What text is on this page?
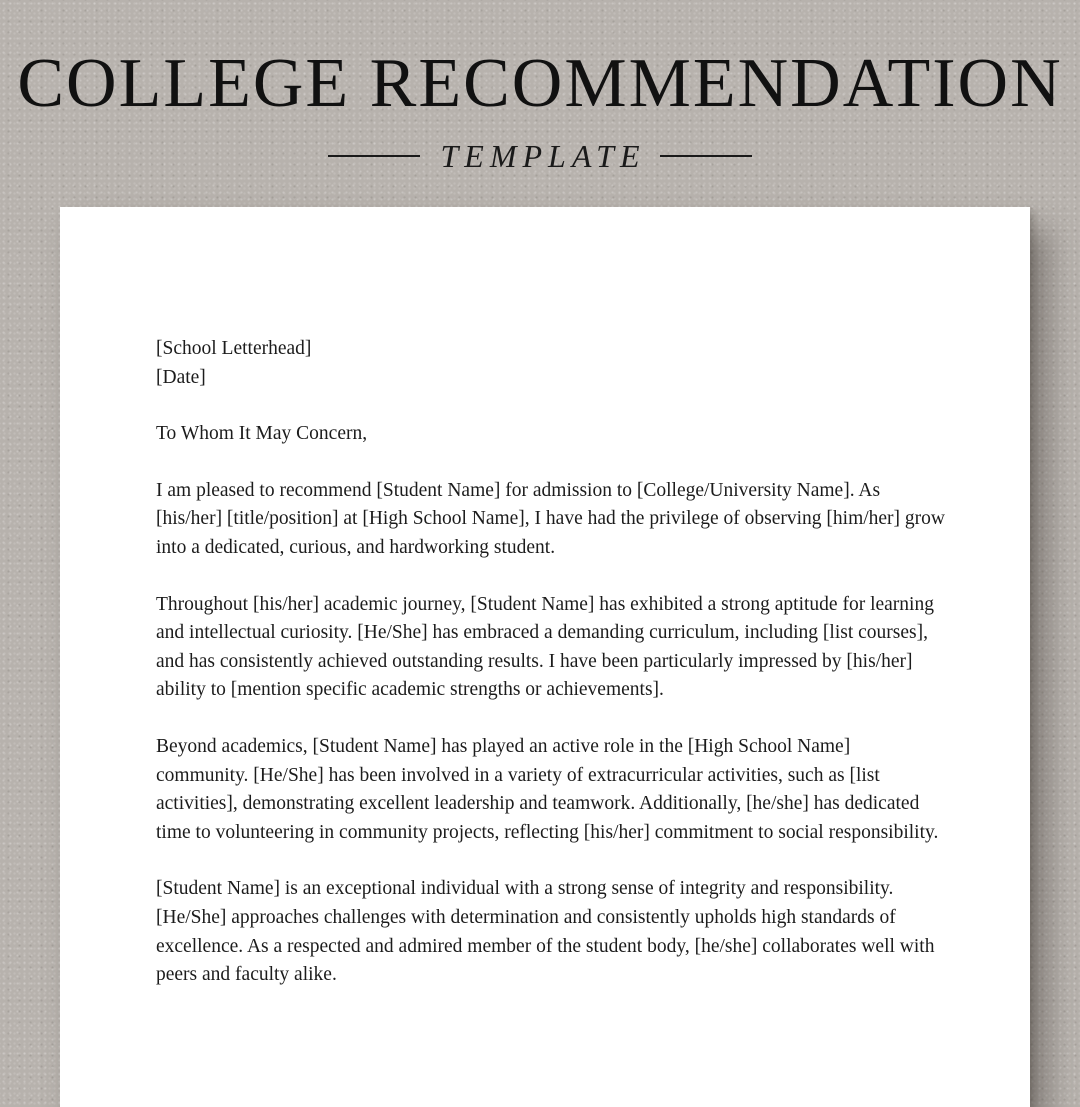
COLLEGE RECOMMENDATION
TEMPLATE

[School Letterhead]

[Date]

To Whom It May Concern,

I am pleased to recommend [Student Name] for admission to [College/University Name]. As [his/her] [title/position] at [High School Name], I have had the privilege of observing [him/her] grow into a dedicated, curious, and hardworking student.

Throughout [his/her] academic journey, [Student Name] has exhibited a strong aptitude for learning and intellectual curiosity. [He/She] has embraced a demanding curriculum, including [list courses], and has consistently achieved outstanding results. I have been particularly impressed by [his/her] ability to [mention specific academic strengths or achievements].

Beyond academics, [Student Name] has played an active role in the [High School Name] community. [He/She] has been involved in a variety of extracurricular activities, such as [list activities], demonstrating excellent leadership and teamwork. Additionally, [he/she] has dedicated time to volunteering in community projects, reflecting [his/her] commitment to social responsibility.

[Student Name] is an exceptional individual with a strong sense of integrity and responsibility. [He/She] approaches challenges with determination and consistently upholds high standards of excellence. As a respected and admired member of the student body, [he/she] collaborates well with peers and faculty alike.
